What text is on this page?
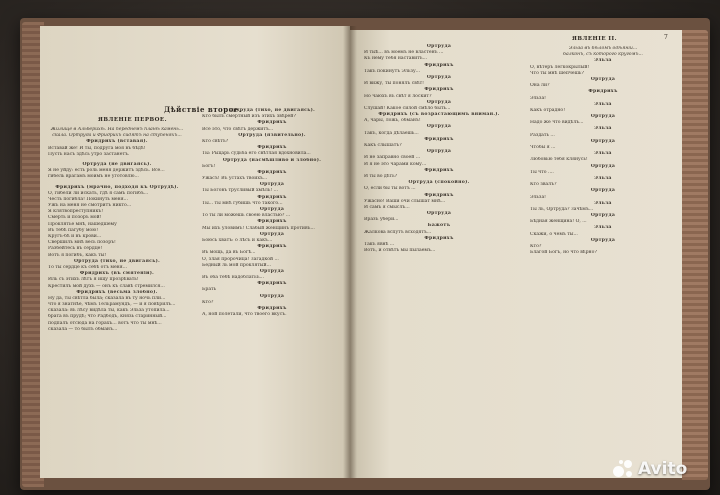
Дѣйствіе второе.
ЯВЛЕНІЕ ПЕРВОЕ.
Жилище в Альберихѣ. На переднемъ планѣ камень...
скала. Ортруда и Фридрихъ сидятъ на ступеняхъ...
Фридрихъ (вставая).
Вставай же! И ты, подруга моя въ бѣдѣ!
Пусть насъ здѣсь утро застанетъ.
Ортруда (не двигаясь).
Я не уйду: есть роль меня держитъ здѣсь. Все...
гибель врагамъ моимъ не уготовлю...
Фридрихъ (мрачно, подходя къ Ортрудѣ).
О, гибели ли искать, гдѣ я самъ погибъ...
Честь погибла! Покинуть меня...
Ужъ на меня не смотритъ никто...
Я клятвопреступникъ!
Смерть и позоръ мой!
Проклятье мнѣ, нашедшему
Въ тебѣ пагубу мою!
Кругъ-бѣ и въ крови...
Свершилъ мнѣ весь позоръ!
Разбейтесь въ сердце!
Вотъ я погибъ, какъ ты!
Ортруда (тихо, не двигаясь).
То ты сердце къ себѣ отъ меня...
Фридрихъ (въ смятеніи).
Иль съ этихъ лѣтъ я ищу прозрѣвать!
Крестилъ мой духъ — онъ къ славѣ стремился...
Фридрихъ (весьма злобно).
Ну да, ты свѣтла была; сказала въ ту ночь пли...
что я знатнѣе, чѣмъ Тельрамундъ, — и я повѣрилъ...
сказала: въ лѣсу видѣла ты, какъ Эльза утопила...
брата въ прудѣ; что Радбодъ, князь старинный...
подпалъ отсюда на горахъ... вотъ что ты мнѣ...
сказала — то былъ обманъ...
Ортруда (тихо, не двигаясь).
Кто былъ смертный изъ этихъ звѣрей?
Фридрихъ
Все это, что свѣтъ держитъ...
Ортруда (язвительно).
Кто свѣтъ?
Фридрихъ
Ты: Рыцарь судьба его свѣтлая вдохновила...
Ортруда (насмѣшливо и злобно).
Богъ!
Фридрихъ
Ужасъ! Въ устахъ твоихъ...
Ортруда
Ты Боговъ трусливый хмѣль! ...
Фридрихъ
Ты... ты мнѣ губишь что такого...
Ортруда
То ты ли можешь своею властью? ...
Фридрихъ
Мы ихъ уловимъ! Слабый женщинъ противъ...
Ортруда
Боюсь хватъ: о лѣсъ и какъ...
Фридрихъ
Въ мощь, да въ Богѣ...
О, злая пророчица! Загадкой ...
Бедный ль мой проклятый...
Ортруда
Въ оба тебѣ надоблатьъ...
Фридрихъ
Брать
Ортруда
Кто?
Фридрихъ
А, ной полетали, что твоего вкусъ.
7
ЯВЛЕНІЕ II.
Ортруда
И тыѣ... въ моёмъ не властенъ ...
Къ нему тебя наставитъ...
Фридрихъ
Такъ покинутъ Эльзу...
Ортруда
И вижу, ты понялъ свѣт!
Фридрихъ
Но чаюхъ въ свѣт я лоскит?
Ортруда
Слушай! Какое силой смѣло быть...
Фридрихъ (съ возрастающимъ вниман.).
А, чары, ложь, обманъ!
Ортруда
Такъ, когда дѣлаешь...
Фридрихъ
Какъ слышатъ?
Ортруда
И не заправно своей ...
И я не это чарами кому...
Фридрихъ
И ты во дѣть?
Ортруда (спокойно).
О, если бы ты вотъ ...
Фридрихъ
Ужасно! Ваши очи слышат мнѣ...
И самъ я смыслъ...
Ортруда
Вразъ убери...
Бажотъ
Жалкова вспутъ всходятъ...
Фридрихъ
Такъ явнѣ ...
Вотъ, и отвѣтъ мы пылаемъ...
Эльза въ бѣломъ одѣяніи...
балконъ, съ которого кругомъ...
Эльза
О, вѣтеръ легкокрылый!
Что ты мнѣ шепчешь?
Ортруда
Она ли?
Фридрихъ
Эльза!
Эльза
Какъ отрадно!
Ортруда
Надо же что видѣлъ...
Эльза
Раздать ...
Ортруда
Чтобы я ...
Эльза
Любовью тебя клянусь!
Ортруда
Ты что ....
Эльза
Кто звалъ?
Ортруда
Эльза!
Эльза
Ты ль, Ортруда? Зачѣмъ...
Ортруда
Бѣдная женщина! О, ...
Эльза
Скажи, о чемъ ты...
Ортруда
Кто?
Благой Богъ, но что вѣрно?
Avito
